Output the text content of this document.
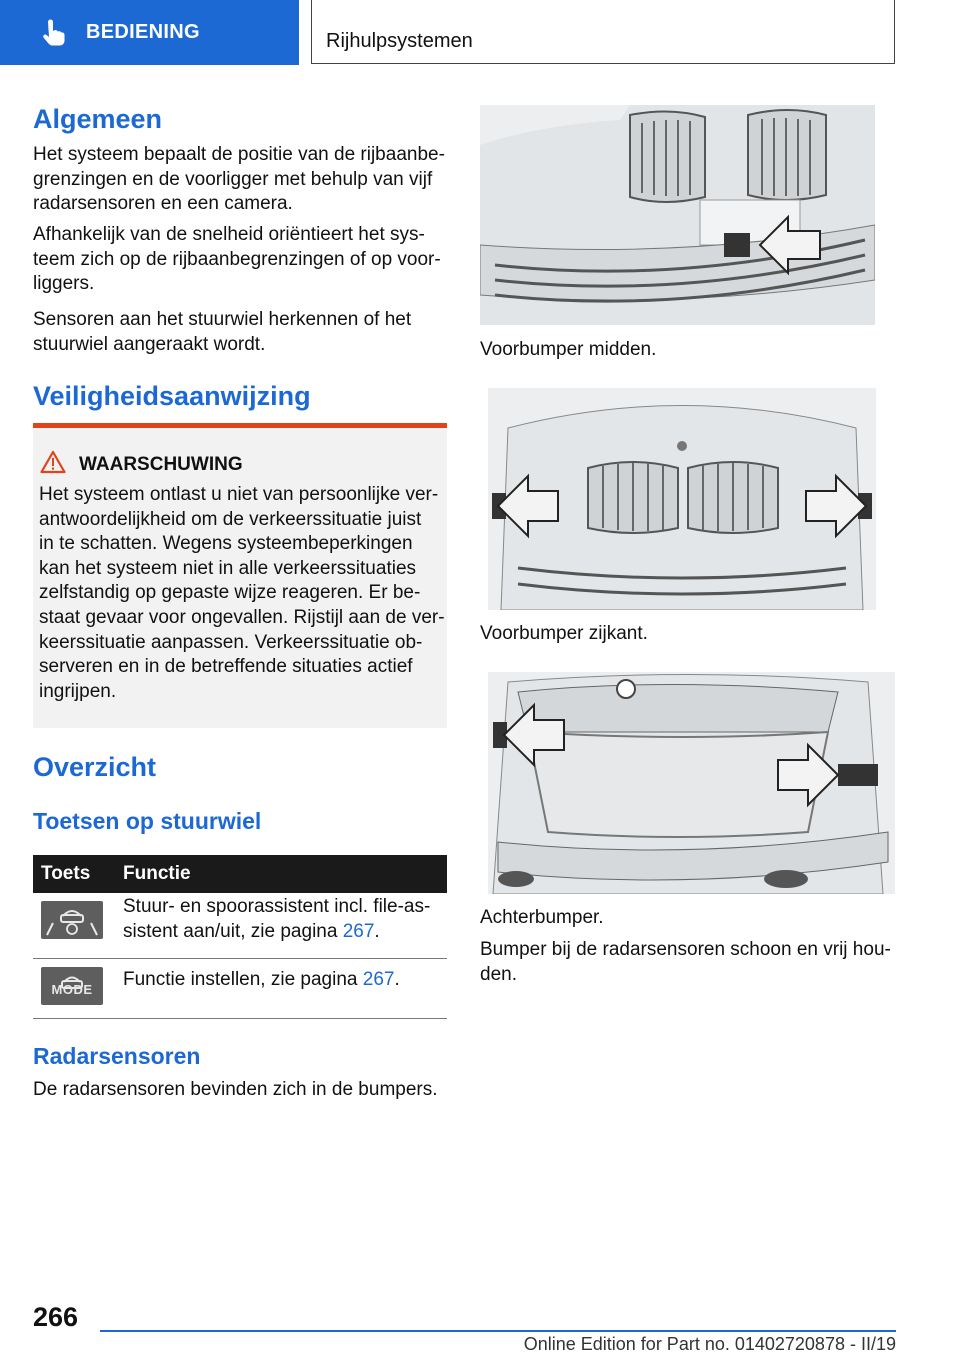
BEDIENING	Rijhulpsystemen
Algemeen

Het systeem bepaalt de positie van de rijbaanbe-
grenzingen en de voorligger met behulp van vijf
radarsensoren en een camera.

Afhankelijk van de snelheid oriëntieert het sys-
teem zich op de rijbaanbegrenzingen of op voor-
liggers.

Sensoren aan het stuurwiel herkennen of het
stuurwiel aangeraakt wordt.

Veiligheidsaanwijzing
WAARSCHUWING
Het systeem ontlast u niet van persoonlijke ver-
antwoordelijkheid om de verkeerssituatie juist
in te schatten. Wegens systeembeperkingen
kan het systeem niet in alle verkeerssituaties
zelfstandig op gepaste wijze reageren. Er be-
staat gevaar voor ongevallen. Rijstijl aan de ver-
keerssituatie aanpassen. Verkeerssituatie ob-
serveren en in de betreffende situaties actief
ingrijpen.
Overzicht
Toetsen op stuurwiel
Toets	Functie

	Stuur- en spoorassistent incl. file-as-
sistent aan/uit, zie pagina 267.

MODE	Functie instellen, zie pagina 267.
Radarsensoren

De radarsensoren bevinden zich in de bumpers.

Voorbumper midden.

Voorbumper zijkant.

Achterbumper.

Bumper bij de radarsensoren schoon en vrij hou-
den.

266
Online Edition for Part no. 01402720878 - II/19
